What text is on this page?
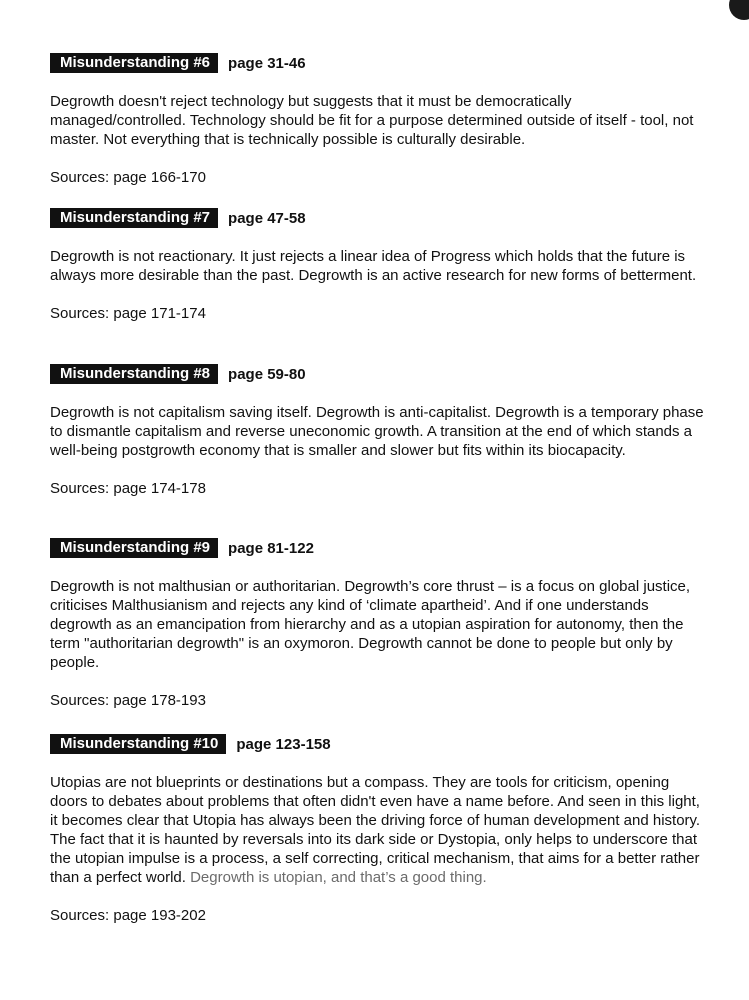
Misunderstanding #6	page 31-46
Degrowth doesn't reject technology but suggests that it must be democratically managed/controlled. Technology should be fit for a purpose determined outside of itself - tool, not master. Not everything that is technically possible is culturally desirable.
Sources: page 166-170
Misunderstanding #7	page 47-58
Degrowth is not reactionary. It just rejects a linear idea of Progress which holds that the future is always more desirable than the past. Degrowth is an active research for new forms of betterment.
Sources: page 171-174
Misunderstanding #8	page 59-80
Degrowth is not capitalism saving itself. Degrowth is anti-capitalist. Degrowth is a temporary phase to dismantle capitalism and reverse uneconomic growth. A transition at the end of which stands a well-being postgrowth economy that is smaller and slower but fits within its biocapacity.
Sources: page 174-178
Misunderstanding #9	page 81-122
Degrowth is not malthusian or authoritarian. Degrowth’s core thrust – is a focus on global justice, criticises Malthusianism and rejects any kind of ‘climate apartheid’. And if one understands degrowth as an emancipation from hierarchy and as a utopian aspiration for autonomy, then the term "authoritarian degrowth" is an oxymoron. Degrowth cannot be done to people but only by people.
Sources: page 178-193
Misunderstanding #10	page 123-158
Utopias are not blueprints or destinations but a compass. They are tools for criticism, opening doors to debates about problems that often didn't even have a name before. And seen in this light, it becomes clear that Utopia has always been the driving force of human development and history. The fact that it is haunted by reversals into its dark side or Dystopia, only helps to underscore that the utopian impulse is a process, a self correcting, critical mechanism, that aims for a better rather than a perfect world. Degrowth is utopian, and that’s a good thing.
Sources: page 193-202
